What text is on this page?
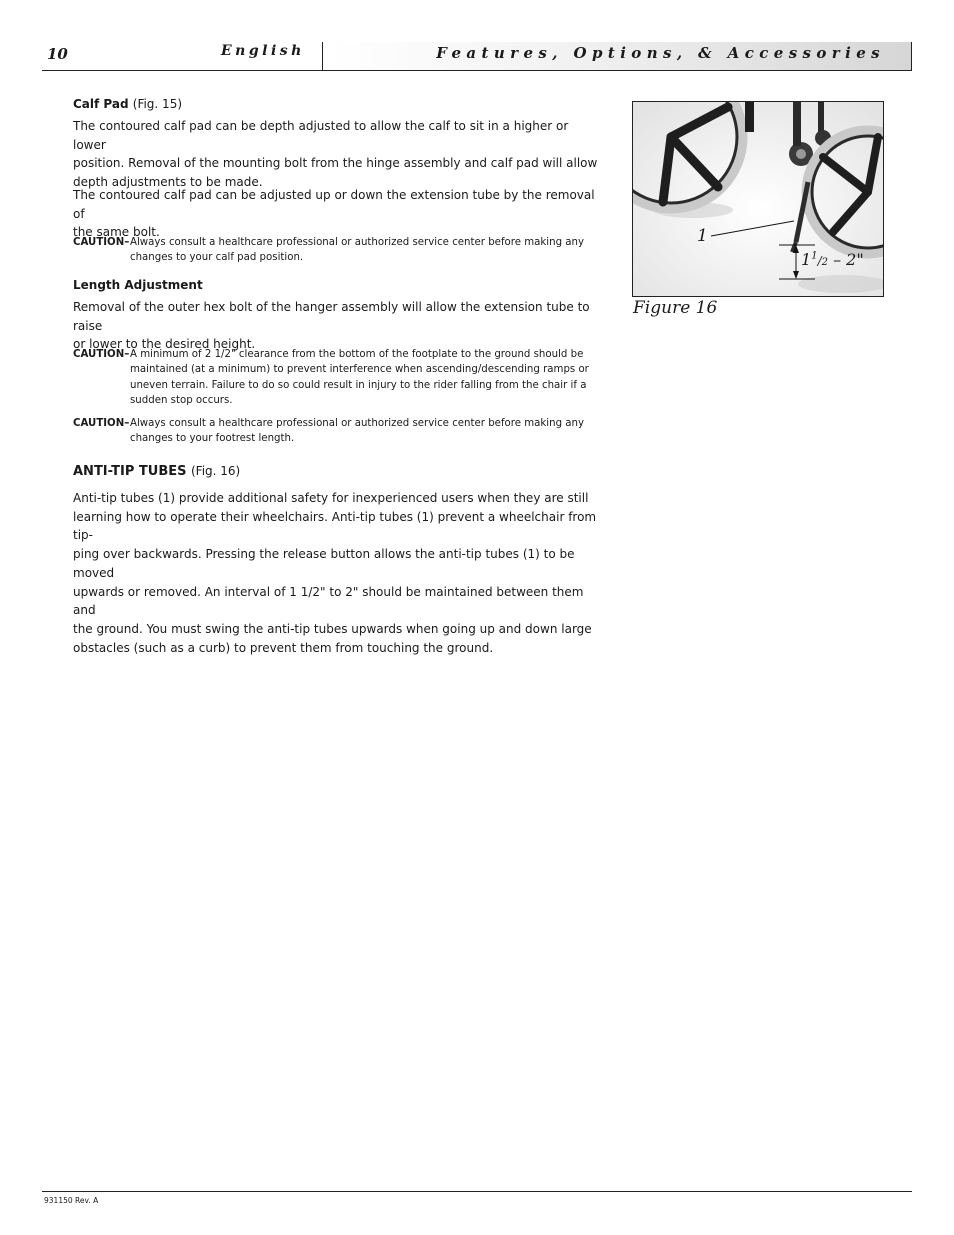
10	English	Features, Options, & Accessories

Calf Pad (Fig. 15)

The contoured calf pad can be depth adjusted to allow the calf to sit in a higher or lower

position. Removal of the mounting bolt from the hinge assembly and calf pad will allow

depth adjustments to be made.

The contoured calf pad can be adjusted up or down the extension tube by the removal of

the same bolt.

CAUTION– Always consult a healthcare professional or authorized service center before making any
changes to your calf pad position.

Length Adjustment

Removal of the outer hex bolt of the hanger assembly will allow the extension tube to raise

or lower to the desired height.

CAUTION– A minimum of 2 1/2" clearance from the bottom of the footplate to the ground should be
maintained (at a minimum) to prevent interference when ascending/descending ramps or
uneven terrain. Failure to do so could result in injury to the rider falling from the chair if a
sudden stop occurs.
CAUTION– Always consult a healthcare professional or authorized service center before making any
changes to your footrest length.

ANTI-TIP TUBES (Fig. 16)

Anti-tip tubes (1) provide additional safety for inexperienced users when they are still

learning how to operate their wheelchairs. Anti-tip tubes (1) prevent a wheelchair from tip-

ping over backwards. Pressing the release button allows the anti-tip tubes (1) to be moved

upwards or removed. An interval of 1 1/2" to 2" should be maintained between them and

the ground. You must swing the anti-tip tubes upwards when going up and down large

obstacles (such as a curb) to prevent them from touching the ground.

1
$1^1/2 - 2$"
Figure 16
931150 Rev. A
